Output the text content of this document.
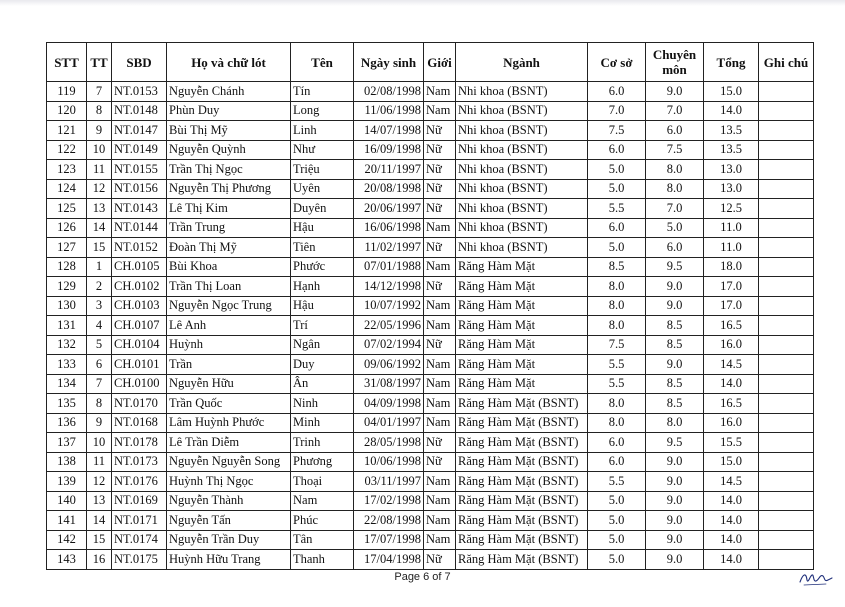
STT	TT	SBD	Họ và chữ lót	Tên	Ngày sinh	Giới	Ngành	Cơ sở	Chuyên môn	Tổng	Ghi chú
119	7	NT.0153	Nguyễn Chánh	Tín	02/08/1998	Nam	Nhi khoa (BSNT)	6.0	9.0	15.0	
120	8	NT.0148	Phùn Duy	Long	11/06/1998	Nam	Nhi khoa (BSNT)	7.0	7.0	14.0	
121	9	NT.0147	Bùi Thị Mỹ	Linh	14/07/1998	Nữ	Nhi khoa (BSNT)	7.5	6.0	13.5	
122	10	NT.0149	Nguyễn Quỳnh	Như	16/09/1998	Nữ	Nhi khoa (BSNT)	6.0	7.5	13.5	
123	11	NT.0155	Trần Thị Ngọc	Triệu	20/11/1997	Nữ	Nhi khoa (BSNT)	5.0	8.0	13.0	
124	12	NT.0156	Nguyễn Thị Phương	Uyên	20/08/1998	Nữ	Nhi khoa (BSNT)	5.0	8.0	13.0	
125	13	NT.0143	Lê Thị Kim	Duyên	20/06/1997	Nữ	Nhi khoa (BSNT)	5.5	7.0	12.5	
126	14	NT.0144	Trần Trung	Hậu	16/06/1998	Nam	Nhi khoa (BSNT)	6.0	5.0	11.0	
127	15	NT.0152	Đoàn Thị Mỹ	Tiên	11/02/1997	Nữ	Nhi khoa (BSNT)	5.0	6.0	11.0	
128	1	CH.0105	Bùi Khoa	Phước	07/01/1988	Nam	Răng Hàm Mặt	8.5	9.5	18.0	
129	2	CH.0102	Trần Thị Loan	Hạnh	14/12/1998	Nữ	Răng Hàm Mặt	8.0	9.0	17.0	
130	3	CH.0103	Nguyễn Ngọc Trung	Hậu	10/07/1992	Nam	Răng Hàm Mặt	8.0	9.0	17.0	
131	4	CH.0107	Lê Anh	Trí	22/05/1996	Nam	Răng Hàm Mặt	8.0	8.5	16.5	
132	5	CH.0104	Huỳnh	Ngân	07/02/1994	Nữ	Răng Hàm Mặt	7.5	8.5	16.0	
133	6	CH.0101	Trần	Duy	09/06/1992	Nam	Răng Hàm Mặt	5.5	9.0	14.5	
134	7	CH.0100	Nguyễn Hữu	Ân	31/08/1997	Nam	Răng Hàm Mặt	5.5	8.5	14.0	
135	8	NT.0170	Trần Quốc	Ninh	04/09/1998	Nam	Răng Hàm Mặt (BSNT)	8.0	8.5	16.5	
136	9	NT.0168	Lâm Huỳnh Phước	Minh	04/01/1997	Nam	Răng Hàm Mặt (BSNT)	8.0	8.0	16.0	
137	10	NT.0178	Lê Trần Diễm	Trinh	28/05/1998	Nữ	Răng Hàm Mặt (BSNT)	6.0	9.5	15.5	
138	11	NT.0173	Nguyễn Nguyễn Song	Phương	10/06/1998	Nữ	Răng Hàm Mặt (BSNT)	6.0	9.0	15.0	
139	12	NT.0176	Huỳnh Thị Ngọc	Thoại	03/11/1997	Nam	Răng Hàm Mặt (BSNT)	5.5	9.0	14.5	
140	13	NT.0169	Nguyễn Thành	Nam	17/02/1998	Nam	Răng Hàm Mặt (BSNT)	5.0	9.0	14.0	
141	14	NT.0171	Nguyễn Tấn	Phúc	22/08/1998	Nam	Răng Hàm Mặt (BSNT)	5.0	9.0	14.0	
142	15	NT.0174	Nguyễn Trần Duy	Tân	17/07/1998	Nam	Răng Hàm Mặt (BSNT)	5.0	9.0	14.0	
143	16	NT.0175	Huỳnh Hữu Trang	Thanh	17/04/1998	Nữ	Răng Hàm Mặt (BSNT)	5.0	9.0	14.0	
Page 6 of 7
